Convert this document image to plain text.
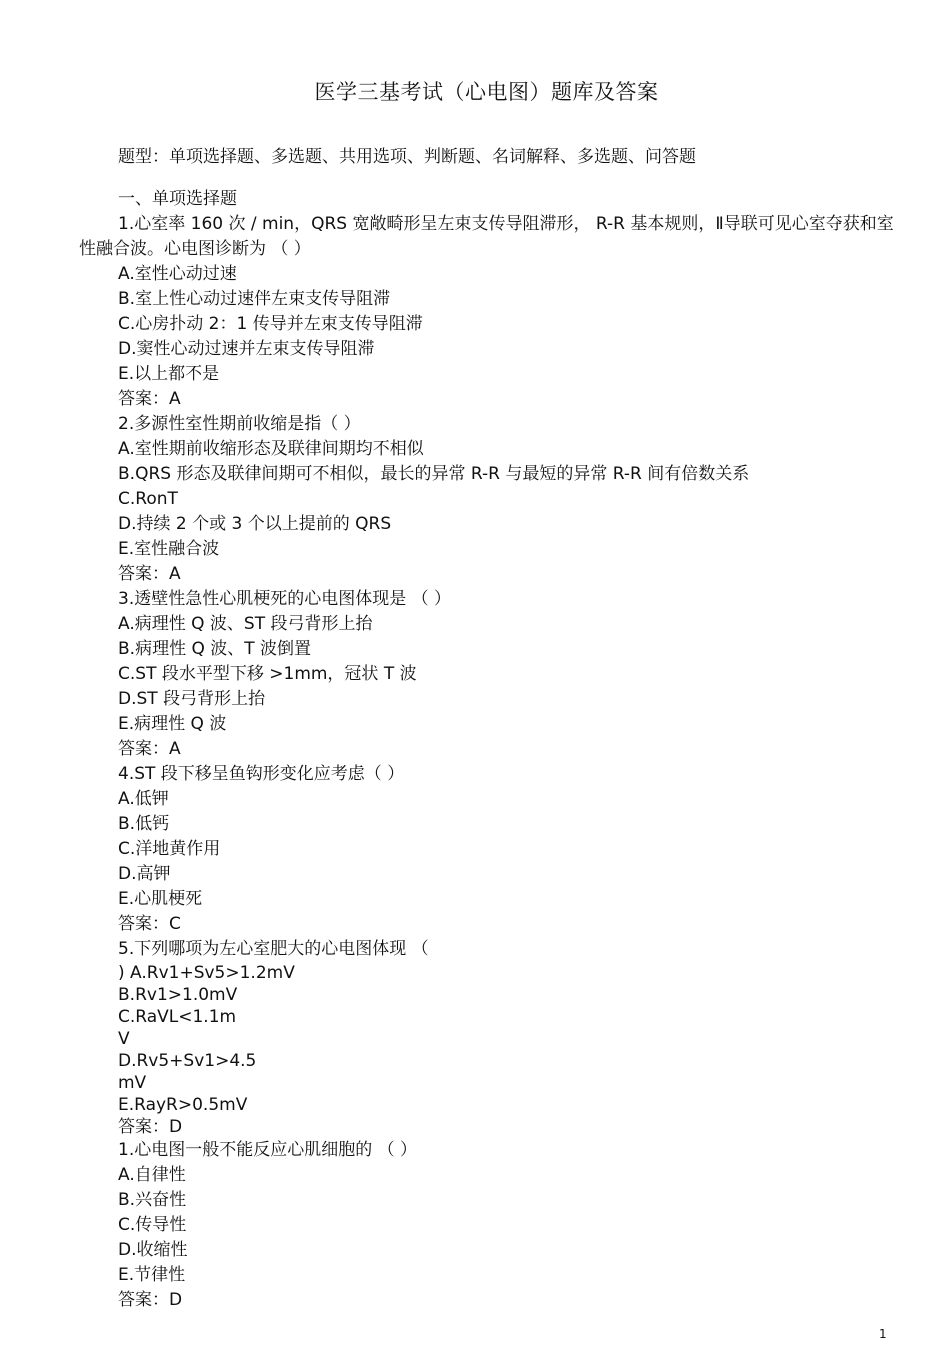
医学三基考试（心电图）题库及答案
题型：单项选择题、多选题、共用选项、判断题、名词解释、多选题、问答题
一、单项选择题
1.心室率 160 次 / min，QRS 宽敞畸形呈左束支传导阻滞形， R-R 基本规则，Ⅱ导联可见心室夺获和室性融合波。心电图诊断为 （ ）
A.室性心动过速
B.室上性心动过速伴左束支传导阻滞
C.心房扑动 2：1 传导并左束支传导阻滞
D.窦性心动过速并左束支传导阻滞
E.以上都不是
答案：A
2.多源性室性期前收缩是指（ ）
A.室性期前收缩形态及联律间期均不相似
B.QRS 形态及联律间期可不相似，最长的异常 R-R 与最短的异常 R-R 间有倍数关系
C.RonT
D.持续 2 个或 3 个以上提前的 QRS
E.室性融合波
答案：A
3.透壁性急性心肌梗死的心电图体现是 （ ）
A.病理性 Q 波、ST 段弓背形上抬
B.病理性 Q 波、T 波倒置
C.ST 段水平型下移 >1mm，冠状 T 波
D.ST 段弓背形上抬
E.病理性 Q 波
答案：A
4.ST 段下移呈鱼钩形变化应考虑（ ）
A.低钾
B.低钙
C.洋地黄作用
D.高钾
E.心肌梗死
答案：C
5.下列哪项为左心室肥大的心电图体现 （
) A.Rv1+Sv5>1.2mV
B.Rv1>1.0mV
C.RaVL<1.1m
V
D.Rv5+Sv1>4.5
mV
E.RayR>0.5mV
答案：D
1.心电图一般不能反应心肌细胞的 （ ）
A.自律性
B.兴奋性
C.传导性
D.收缩性
E.节律性
答案：D
1
